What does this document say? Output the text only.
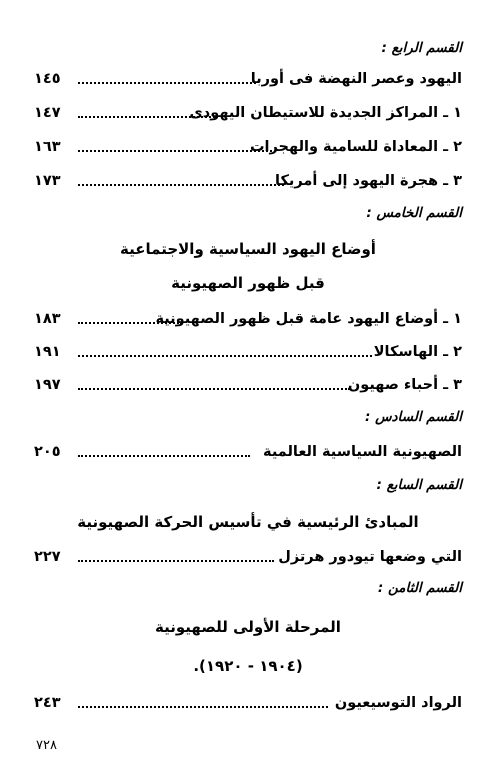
القسم الرابع :
اليهود وعصر النهضة فى أوربا
١٤٥
١ ـ المراكز الجديدة للاستيطان اليهودى
١٤٧
٢ ـ المعاداة للسامية والهجرات
١٦٣
٣ ـ هجرة اليهود إلى أمريكا
١٧٣
القسم الخامس :
أوضاع اليهود السياسية والاجتماعية
قبل ظهور الصهيونية
١ ـ أوضاع اليهود عامة قبل ظهور الصهيونية
١٨٣
٢ ـ الهاسكالا
١٩١
٣ ـ أحباء صهيون
١٩٧
القسم السادس :
الصهيونية السياسية العالمية
٢٠٥
القسم السابع :
المبادئ الرئيسية في تأسيس الحركة الصهيونية
التي وضعها تيودور هرتزل
٢٢٧
القسم الثامن :
المرحلة الأولى للصهيونية
(١٩٠٤ - ١٩٢٠).
الرواد التوسيعيون
٢٤٣
٧٢٨
